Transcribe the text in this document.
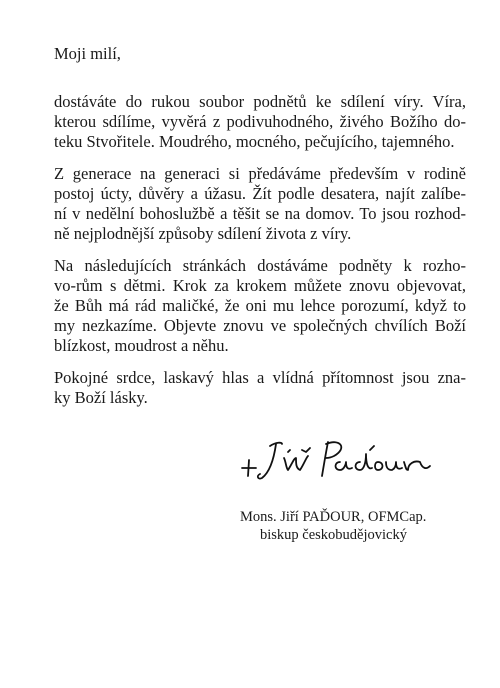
Moji milí,

dostáváte do rukou soubor podnětů ke sdílení víry. Víra,
kterou sdílíme, vyvěrá z podivuhodného, živého Božího do-
teku Stvořitele. Moudrého, mocného, pečujícího, tajemného.

Z generace na generaci si předáváme především v rodině
postoj úcty, důvěry a úžasu. Žít podle desatera, najít zalíbe-
ní v nedělní bohoslužbě a těšit se na domov. To jsou rozhod-
ně nejplodnější způsoby sdílení života z víry.

Na následujících stránkách dostáváme podněty k rozho-
vo-rům s dětmi. Krok za krokem můžete znovu objevovat,
že Bůh má rád maličké, že oni mu lehce porozumí, když to
my nezkazíme. Objevte znovu ve společných chvílích Boží
blízkost, moudrost a něhu.

Pokojné srdce, laskavý hlas a vlídná přítomnost jsou zna-
ky Boží lásky.

Mons. Jiří PAĎOUR, OFMCap.

biskup českobudějovický
